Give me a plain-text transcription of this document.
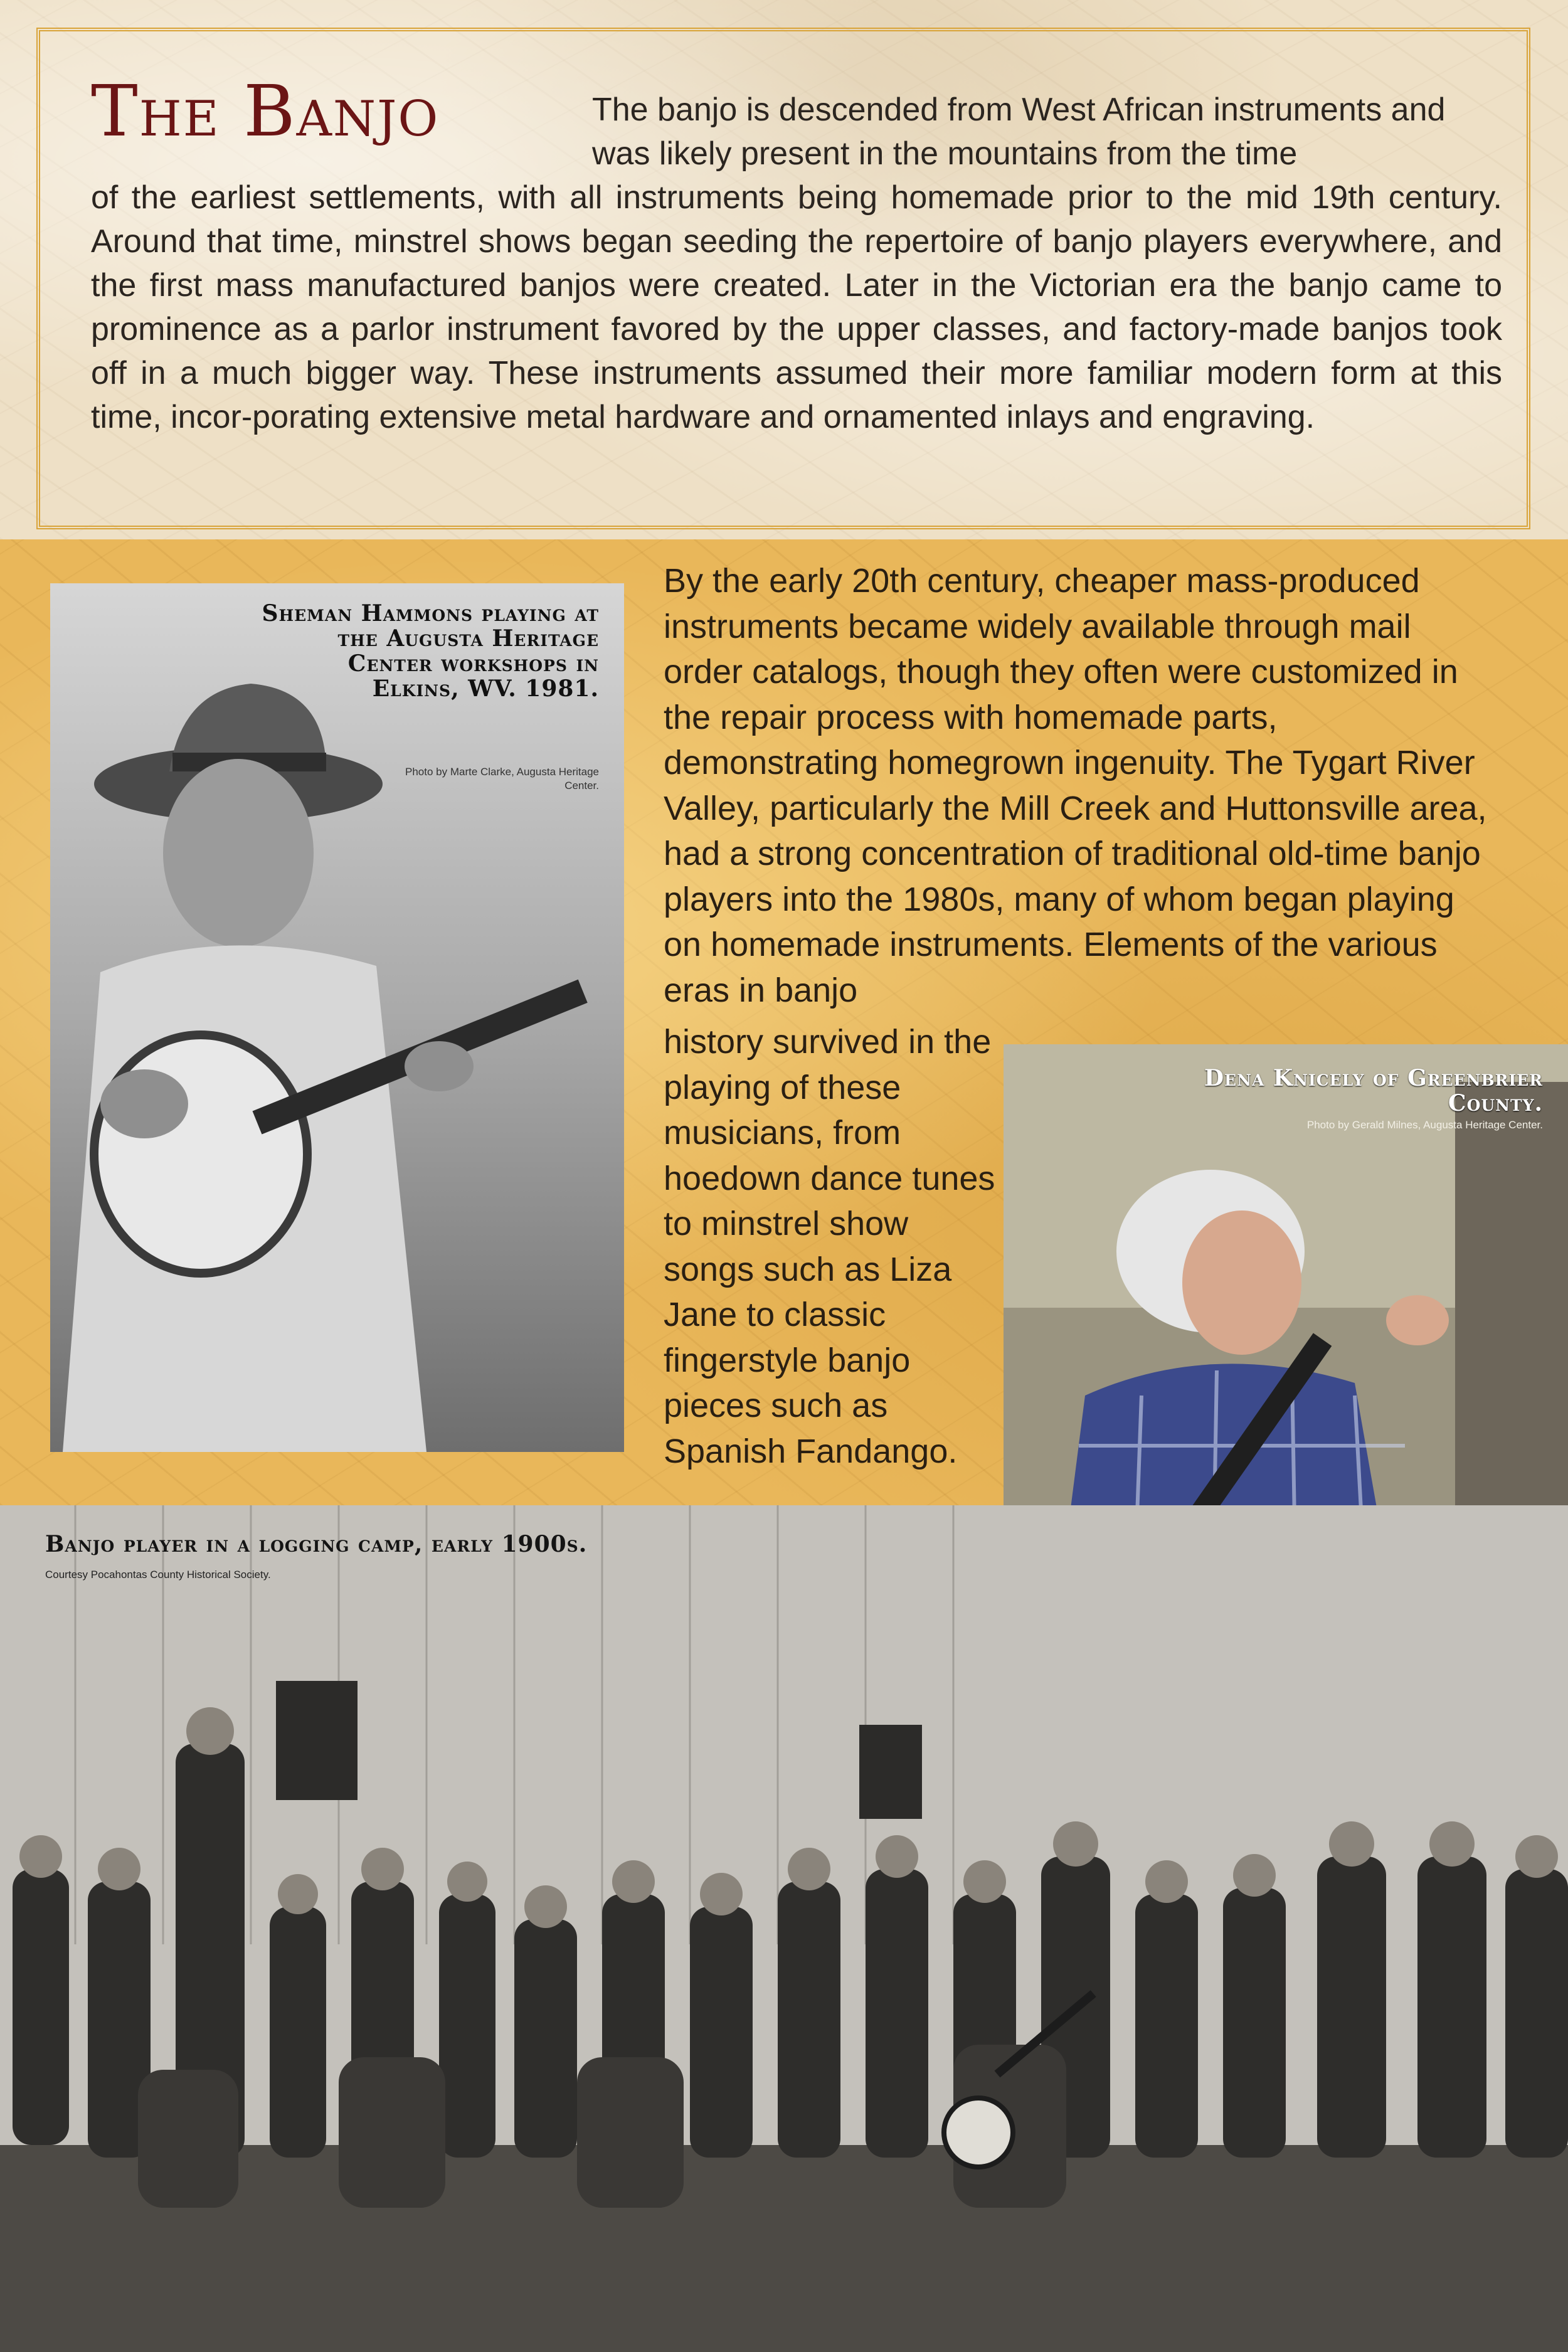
The Banjo	The banjo is descended from West African instruments and was likely present in the mountains from the time

of the earliest settlements, with all instruments being homemade prior to the mid 19th century. Around that time, minstrel shows began seeding the repertoire of banjo players everywhere, and the first mass manufactured banjos were created. Later in the Victorian era the banjo came to prominence as a parlor instrument favored by the upper classes, and factory-made banjos took off in a much bigger way. These instruments assumed their more familiar modern form at this time, incor-porating extensive metal hardware and ornamented inlays and engraving.

By the early 20th century, cheaper mass-produced instruments became widely available through mail order catalogs, though they often were customized in the repair process with homemade parts, demonstrating homegrown ingenuity. The Tygart River Valley, particularly the Mill Creek and Huttonsville area, had a strong concentration of traditional old-time banjo players into the 1980s, many of whom began playing on homemade instruments. Elements of the various eras in banjo

history survived in the playing of these musicians, from hoedown dance tunes to minstrel show songs such as Liza Jane to classic fingerstyle banjo pieces such as Spanish Fandango.

Sheman Hammons playing at the Augusta Heritage Center workshops in Elkins, WV. 1981.

Photo by Marte Clarke, Augusta Heritage Center.

Dena Knicely of Greenbrier County.

Photo by Gerald Milnes, Augusta Heritage Center.

Banjo player in a logging camp, early 1900s.

Courtesy Pocahontas County Historical Society.
